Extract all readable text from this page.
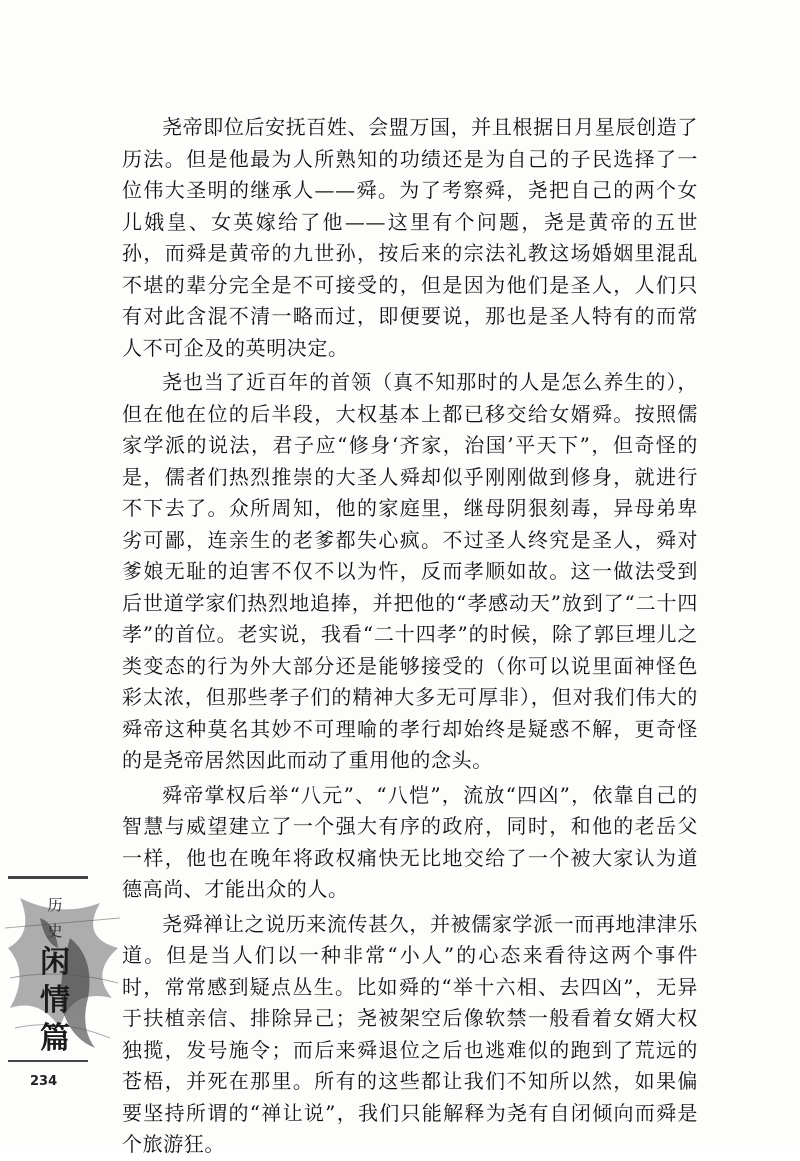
尧帝即位后安抚百姓、会盟万国，并且根据日月星辰创造了历法。但是他最为人所熟知的功绩还是为自己的子民选择了一位伟大圣明的继承人——舜。为了考察舜，尧把自己的两个女儿娥皇、女英嫁给了他——这里有个问题，尧是黄帝的五世孙，而舜是黄帝的九世孙，按后来的宗法礼教这场婚姻里混乱不堪的辈分完全是不可接受的，但是因为他们是圣人，人们只有对此含混不清一略而过，即便要说，那也是圣人特有的而常人不可企及的英明决定。

尧也当了近百年的首领（真不知那时的人是怎么养生的），但在他在位的后半段，大权基本上都已移交给女婿舜。按照儒家学派的说法，君子应“修身‘齐家，治国’平天下”，但奇怪的是，儒者们热烈推崇的大圣人舜却似乎刚刚做到修身，就进行不下去了。众所周知，他的家庭里，继母阴狠刻毒，异母弟卑劣可鄙，连亲生的老爹都失心疯。不过圣人终究是圣人，舜对爹娘无耻的迫害不仅不以为忤，反而孝顺如故。这一做法受到后世道学家们热烈地追捧，并把他的“孝感动天”放到了“二十四孝”的首位。老实说，我看“二十四孝”的时候，除了郭巨埋儿之类变态的行为外大部分还是能够接受的（你可以说里面神怪色彩太浓，但那些孝子们的精神大多无可厚非），但对我们伟大的舜帝这种莫名其妙不可理喻的孝行却始终是疑惑不解，更奇怪的是尧帝居然因此而动了重用他的念头。

舜帝掌权后举“八元”、“八恺”，流放“四凶”，依靠自己的智慧与威望建立了一个强大有序的政府，同时，和他的老岳父一样，他也在晚年将政权痛快无比地交给了一个被大家认为道德高尚、才能出众的人。

尧舜禅让之说历来流传甚久，并被儒家学派一而再地津津乐道。但是当人们以一种非常“小人”的心态来看待这两个事件时，常常感到疑点丛生。比如舜的“举十六相、去四凶”，无异于扶植亲信、排除异己；尧被架空后像软禁一般看着女婿大权独揽，发号施令；而后来舜退位之后也逃难似的跑到了荒远的苍梧，并死在那里。所有的这些都让我们不知所以然，如果偏要坚持所谓的“禅让说”，我们只能解释为尧有自闭倾向而舜是个旅游狂。

历
史
闲
情
篇
234
